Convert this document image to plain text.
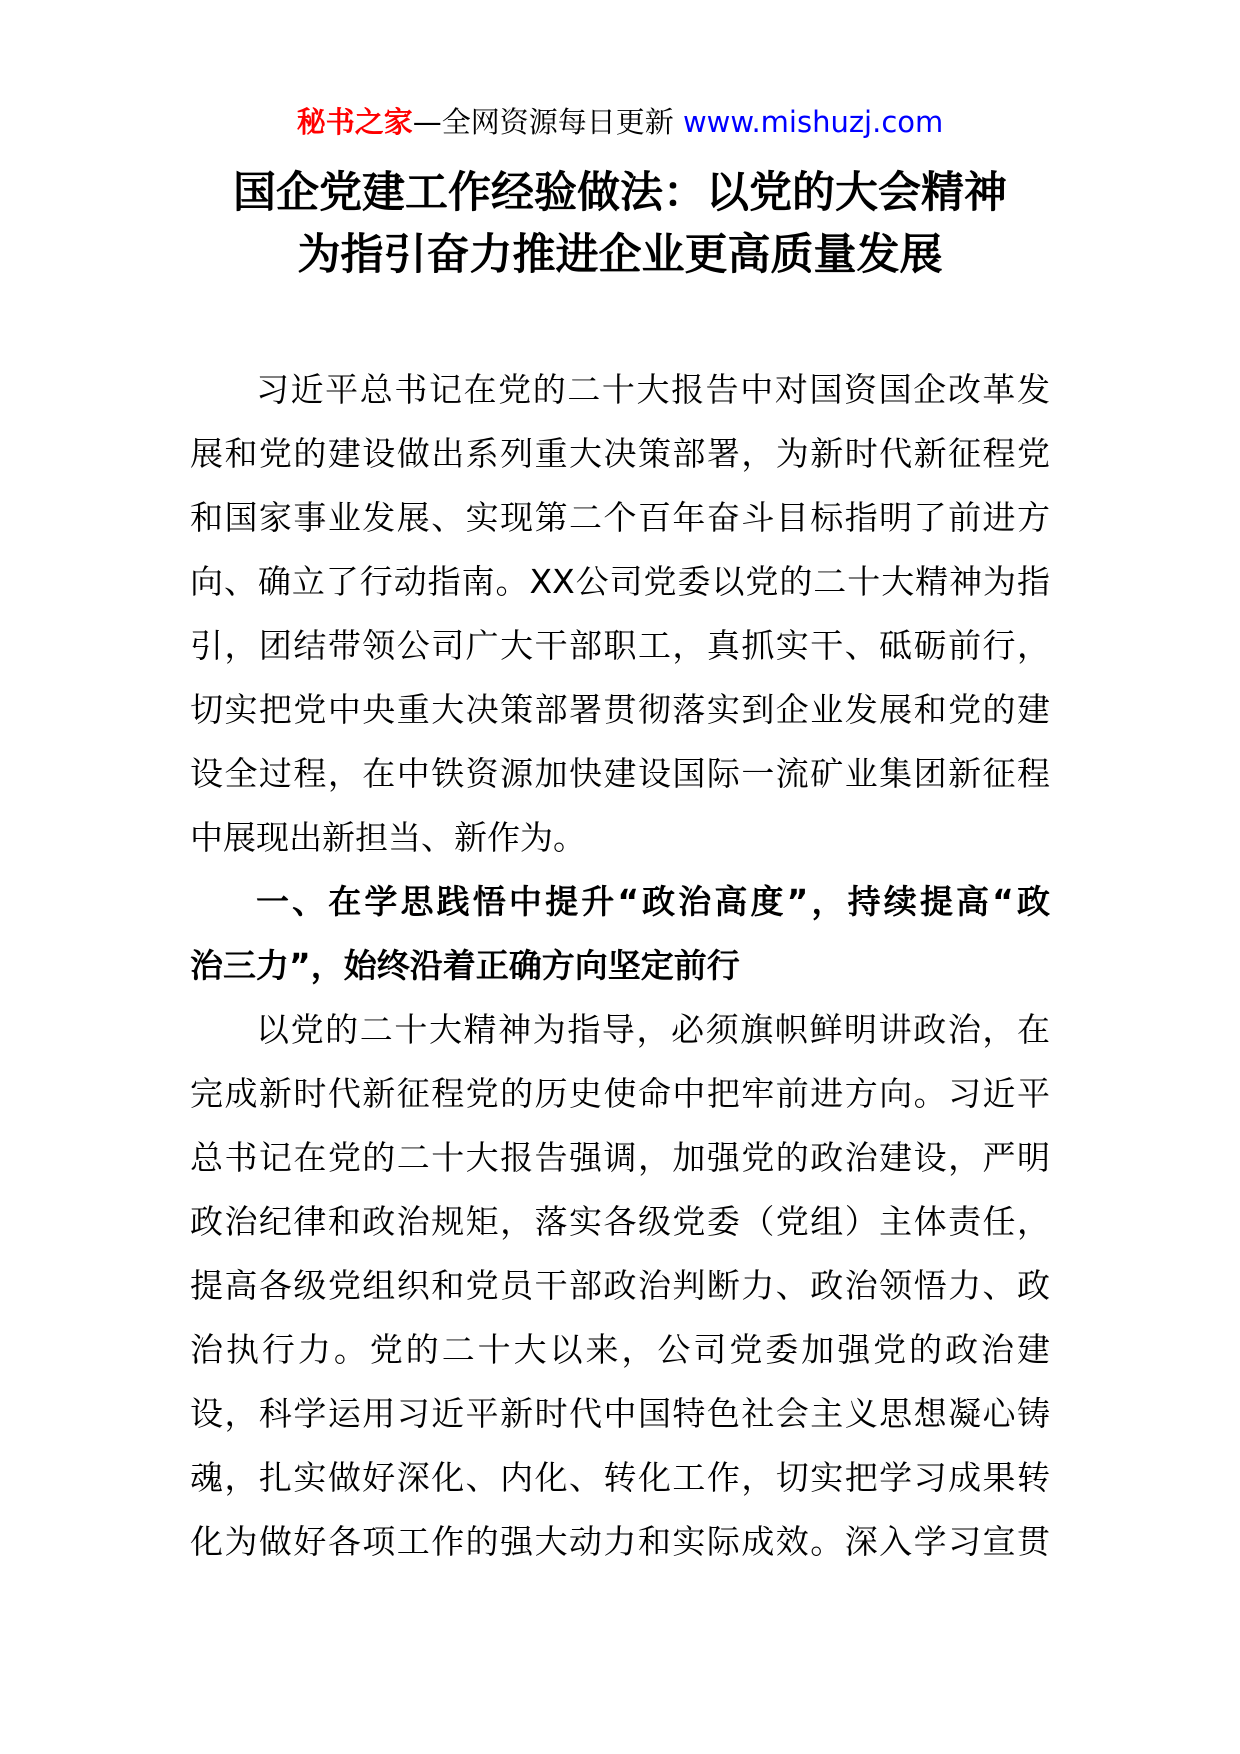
秘书之家—全网资源每日更新 www.mishuzj.com
国企党建工作经验做法：以党的大会精神
为指引奋力推进企业更高质量发展
习近平总书记在党的二十大报告中对国资国企改革发
展和党的建设做出系列重大决策部署，为新时代新征程党
和国家事业发展、实现第二个百年奋斗目标指明了前进方
向、确立了行动指南。XX公司党委以党的二十大精神为指
引，团结带领公司广大干部职工，真抓实干、砥砺前行，
切实把党中央重大决策部署贯彻落实到企业发展和党的建
设全过程，在中铁资源加快建设国际一流矿业集团新征程
中展现出新担当、新作为。
一、在学思践悟中提升“政治高度”，持续提高“政
治三力”，始终沿着正确方向坚定前行
以党的二十大精神为指导，必须旗帜鲜明讲政治，在
完成新时代新征程党的历史使命中把牢前进方向。习近平
总书记在党的二十大报告强调，加强党的政治建设，严明
政治纪律和政治规矩，落实各级党委（党组）主体责任，
提高各级党组织和党员干部政治判断力、政治领悟力、政
治执行力。党的二十大以来，公司党委加强党的政治建
设，科学运用习近平新时代中国特色社会主义思想凝心铸
魂，扎实做好深化、内化、转化工作，切实把学习成果转
化为做好各项工作的强大动力和实际成效。深入学习宣贯
